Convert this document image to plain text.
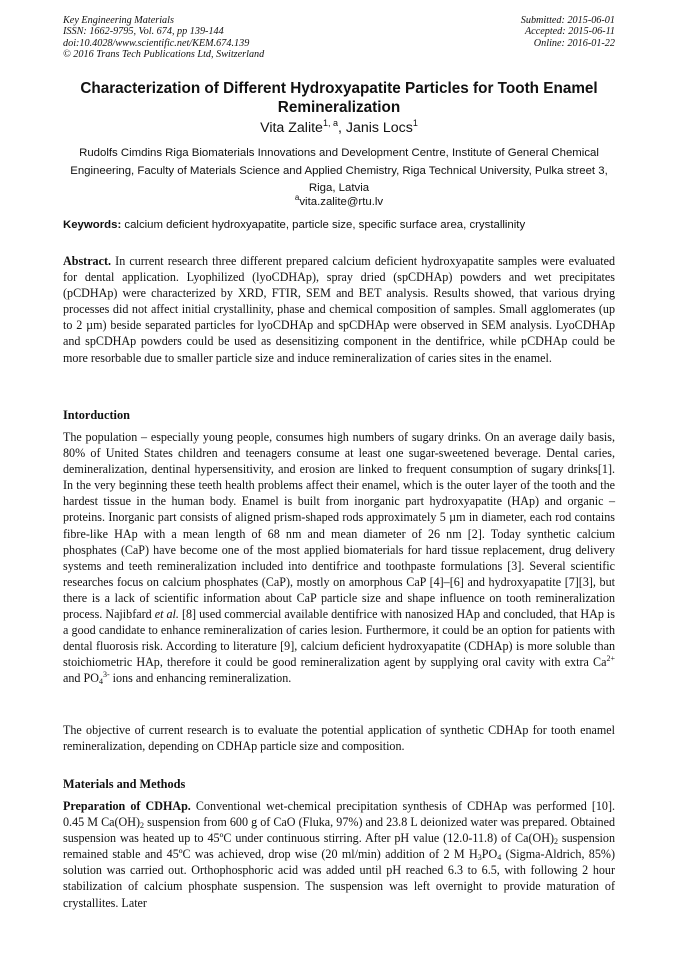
Key Engineering Materials
ISSN: 1662-9795, Vol. 674, pp 139-144
doi:10.4028/www.scientific.net/KEM.674.139
© 2016 Trans Tech Publications Ltd, Switzerland
Submitted: 2015-06-01
Accepted: 2015-06-11
Online: 2016-01-22
Characterization of Different Hydroxyapatite Particles for Tooth Enamel Remineralization
Vita Zalite$^{1, a}$, Janis Locs$^1$
Rudolfs Cimdins Riga Biomaterials Innovations and Development Centre, Institute of General Chemical Engineering, Faculty of Materials Science and Applied Chemistry, Riga Technical University, Pulka street 3, Riga, Latvia
$^a$vita.zalite@rtu.lv
Keywords: calcium deficient hydroxyapatite, particle size, specific surface area, crystallinity
Abstract. In current research three different prepared calcium deficient hydroxyapatite samples were evaluated for dental application. Lyophilized (lyoCDHAp), spray dried (spCDHAp) powders and wet precipitates (pCDHAp) were characterized by XRD, FTIR, SEM and BET analysis. Results showed, that various drying processes did not affect initial crystallinity, phase and chemical composition of samples. Small agglomerates (up to 2 µm) beside separated particles for lyoCDHAp and spCDHAp were observed in SEM analysis. LyoCDHAp and spCDHAp powders could be used as desensitizing component in the dentifrice, while pCDHAp could be more resorbable due to smaller particle size and induce remineralization of caries sites in the enamel.
Intorduction
The population – especially young people, consumes high numbers of sugary drinks. On an average daily basis, 80% of United States children and teenagers consume at least one sugar-sweetened beverage. Dental caries, demineralization, dentinal hypersensitivity, and erosion are linked to frequent consumption of sugary drinks[1]. In the very beginning these teeth health problems affect their enamel, which is the outer layer of the tooth and the hardest tissue in the human body. Enamel is built from inorganic part hydroxyapatite (HAp) and organic – proteins. Inorganic part consists of aligned prism-shaped rods approximately 5 µm in diameter, each rod contains fibre-like HAp with a mean length of 68 nm and mean diameter of 26 nm [2]. Today synthetic calcium phosphates (CaP) have become one of the most applied biomaterials for hard tissue replacement, drug delivery systems and teeth remineralization included into dentifrice and toothpaste formulations [3]. Several scientific researches focus on calcium phosphates (CaP), mostly on amorphous CaP [4]–[6] and hydroxyapatite [7][3], but there is a lack of scientific information about CaP particle size and shape influence on tooth remineralization process. Najibfard et al. [8] used commercial available dentifrice with nanosized HAp and concluded, that HAp is a good candidate to enhance remineralization of caries lesion. Furthermore, it could be an option for patients with dental fluorosis risk. According to literature [9], calcium deficient hydroxyapatite (CDHAp) is more soluble than stoichiometric HAp, therefore it could be good remineralization agent by supplying oral cavity with extra $Ca^{2+}$ and $PO_4^{3-}$ ions and enhancing remineralization.
The objective of current research is to evaluate the potential application of synthetic CDHAp for tooth enamel remineralization, depending on CDHAp particle size and composition.
Materials and Methods
Preparation of CDHAp. Conventional wet-chemical precipitation synthesis of CDHAp was performed [10]. 0.45 M $Ca(OH)_2$ suspension from 600 g of CaO (Fluka, 97%) and 23.8 L deionized water was prepared. Obtained suspension was heated up to 45ºC under continuous stirring. After pH value (12.0-11.8) of $Ca(OH)_2$ suspension remained stable and 45ºC was achieved, drop wise (20 ml/min) addition of 2 M $H_3PO_4$ (Sigma-Aldrich, 85%) solution was carried out. Orthophosphoric acid was added until pH reached 6.3 to 6.5, with following 2 hour stabilization of calcium phosphate suspension. The suspension was left overnight to provide maturation of crystallites. Later
